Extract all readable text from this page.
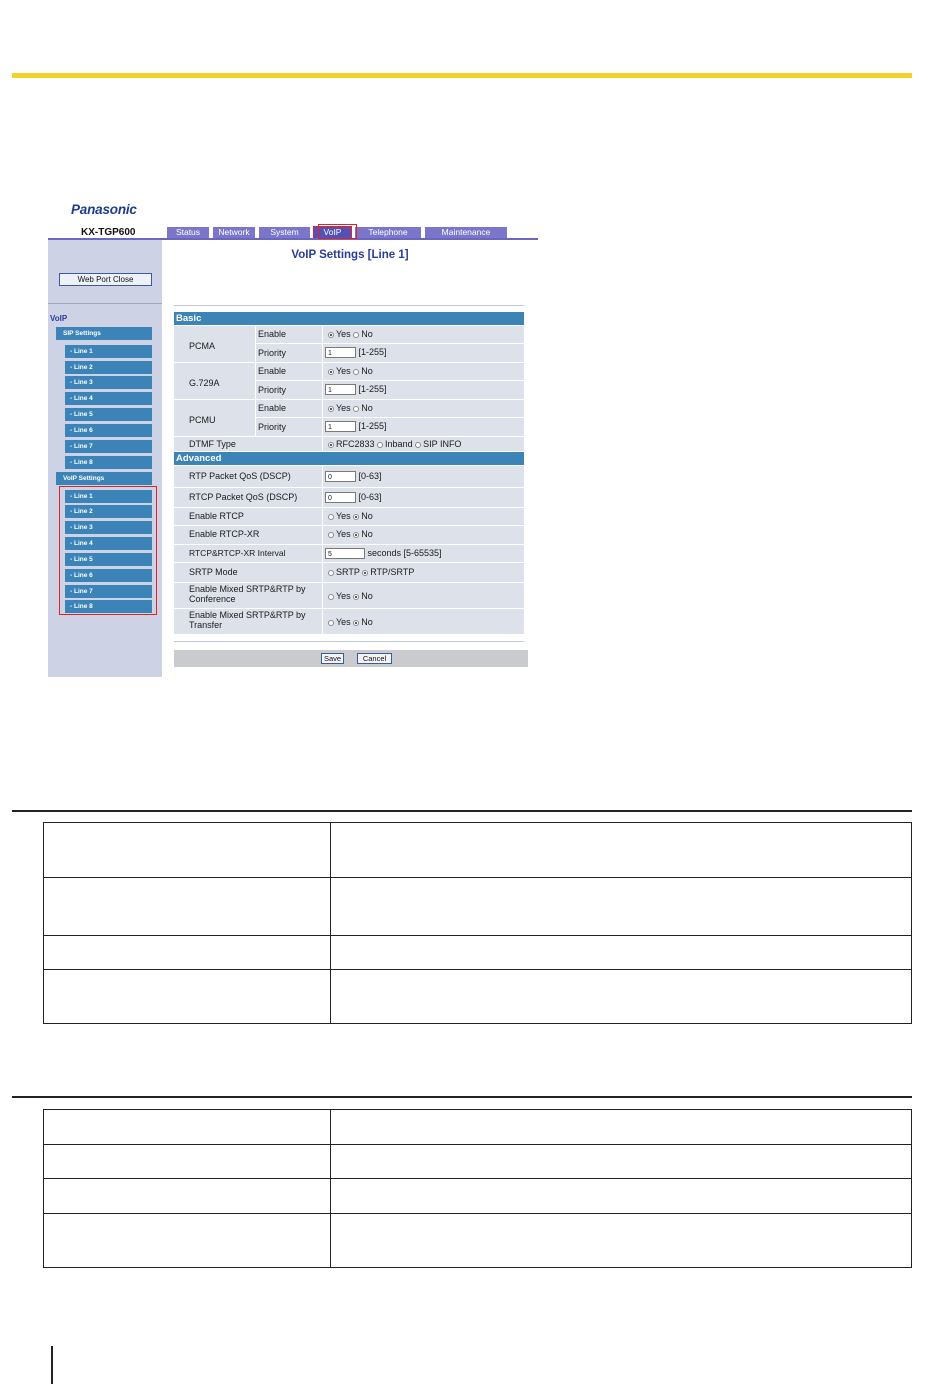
Panasonic
KX-TGP600	Status	Network	System	VoIP	Telephone	Maintenance
Web Port Close
VoIP
SIP Settings
- Line 1
- Line 2
- Line 3
- Line 4
- Line 5
- Line 6
- Line 7
- Line 8
VoIP Settings
- Line 1
- Line 2
- Line 3
- Line 4
- Line 5
- Line 6
- Line 7
- Line 8
VoIP Settings [Line 1]
Basic
PCMA
Enable	Yes No
Priority	1	[1-255]
G.729A
Enable	Yes No
Priority	1	[1-255]
PCMU
Enable	Yes No
Priority	1	[1-255]
DTMF Type	RFC2833 Inband SIP INFO
Advanced
RTP Packet QoS (DSCP)	0	[0-63]
RTCP Packet QoS (DSCP)	0	[0-63]
Enable RTCP	Yes No
Enable RTCP-XR	Yes No
RTCP&RTCP-XR Interval	5	seconds [5-65535]
SRTP Mode	SRTP RTP/SRTP
Enable Mixed SRTP&RTP by
Conference	Yes No
Enable Mixed SRTP&RTP by
Transfer	Yes No
Save	Cancel
